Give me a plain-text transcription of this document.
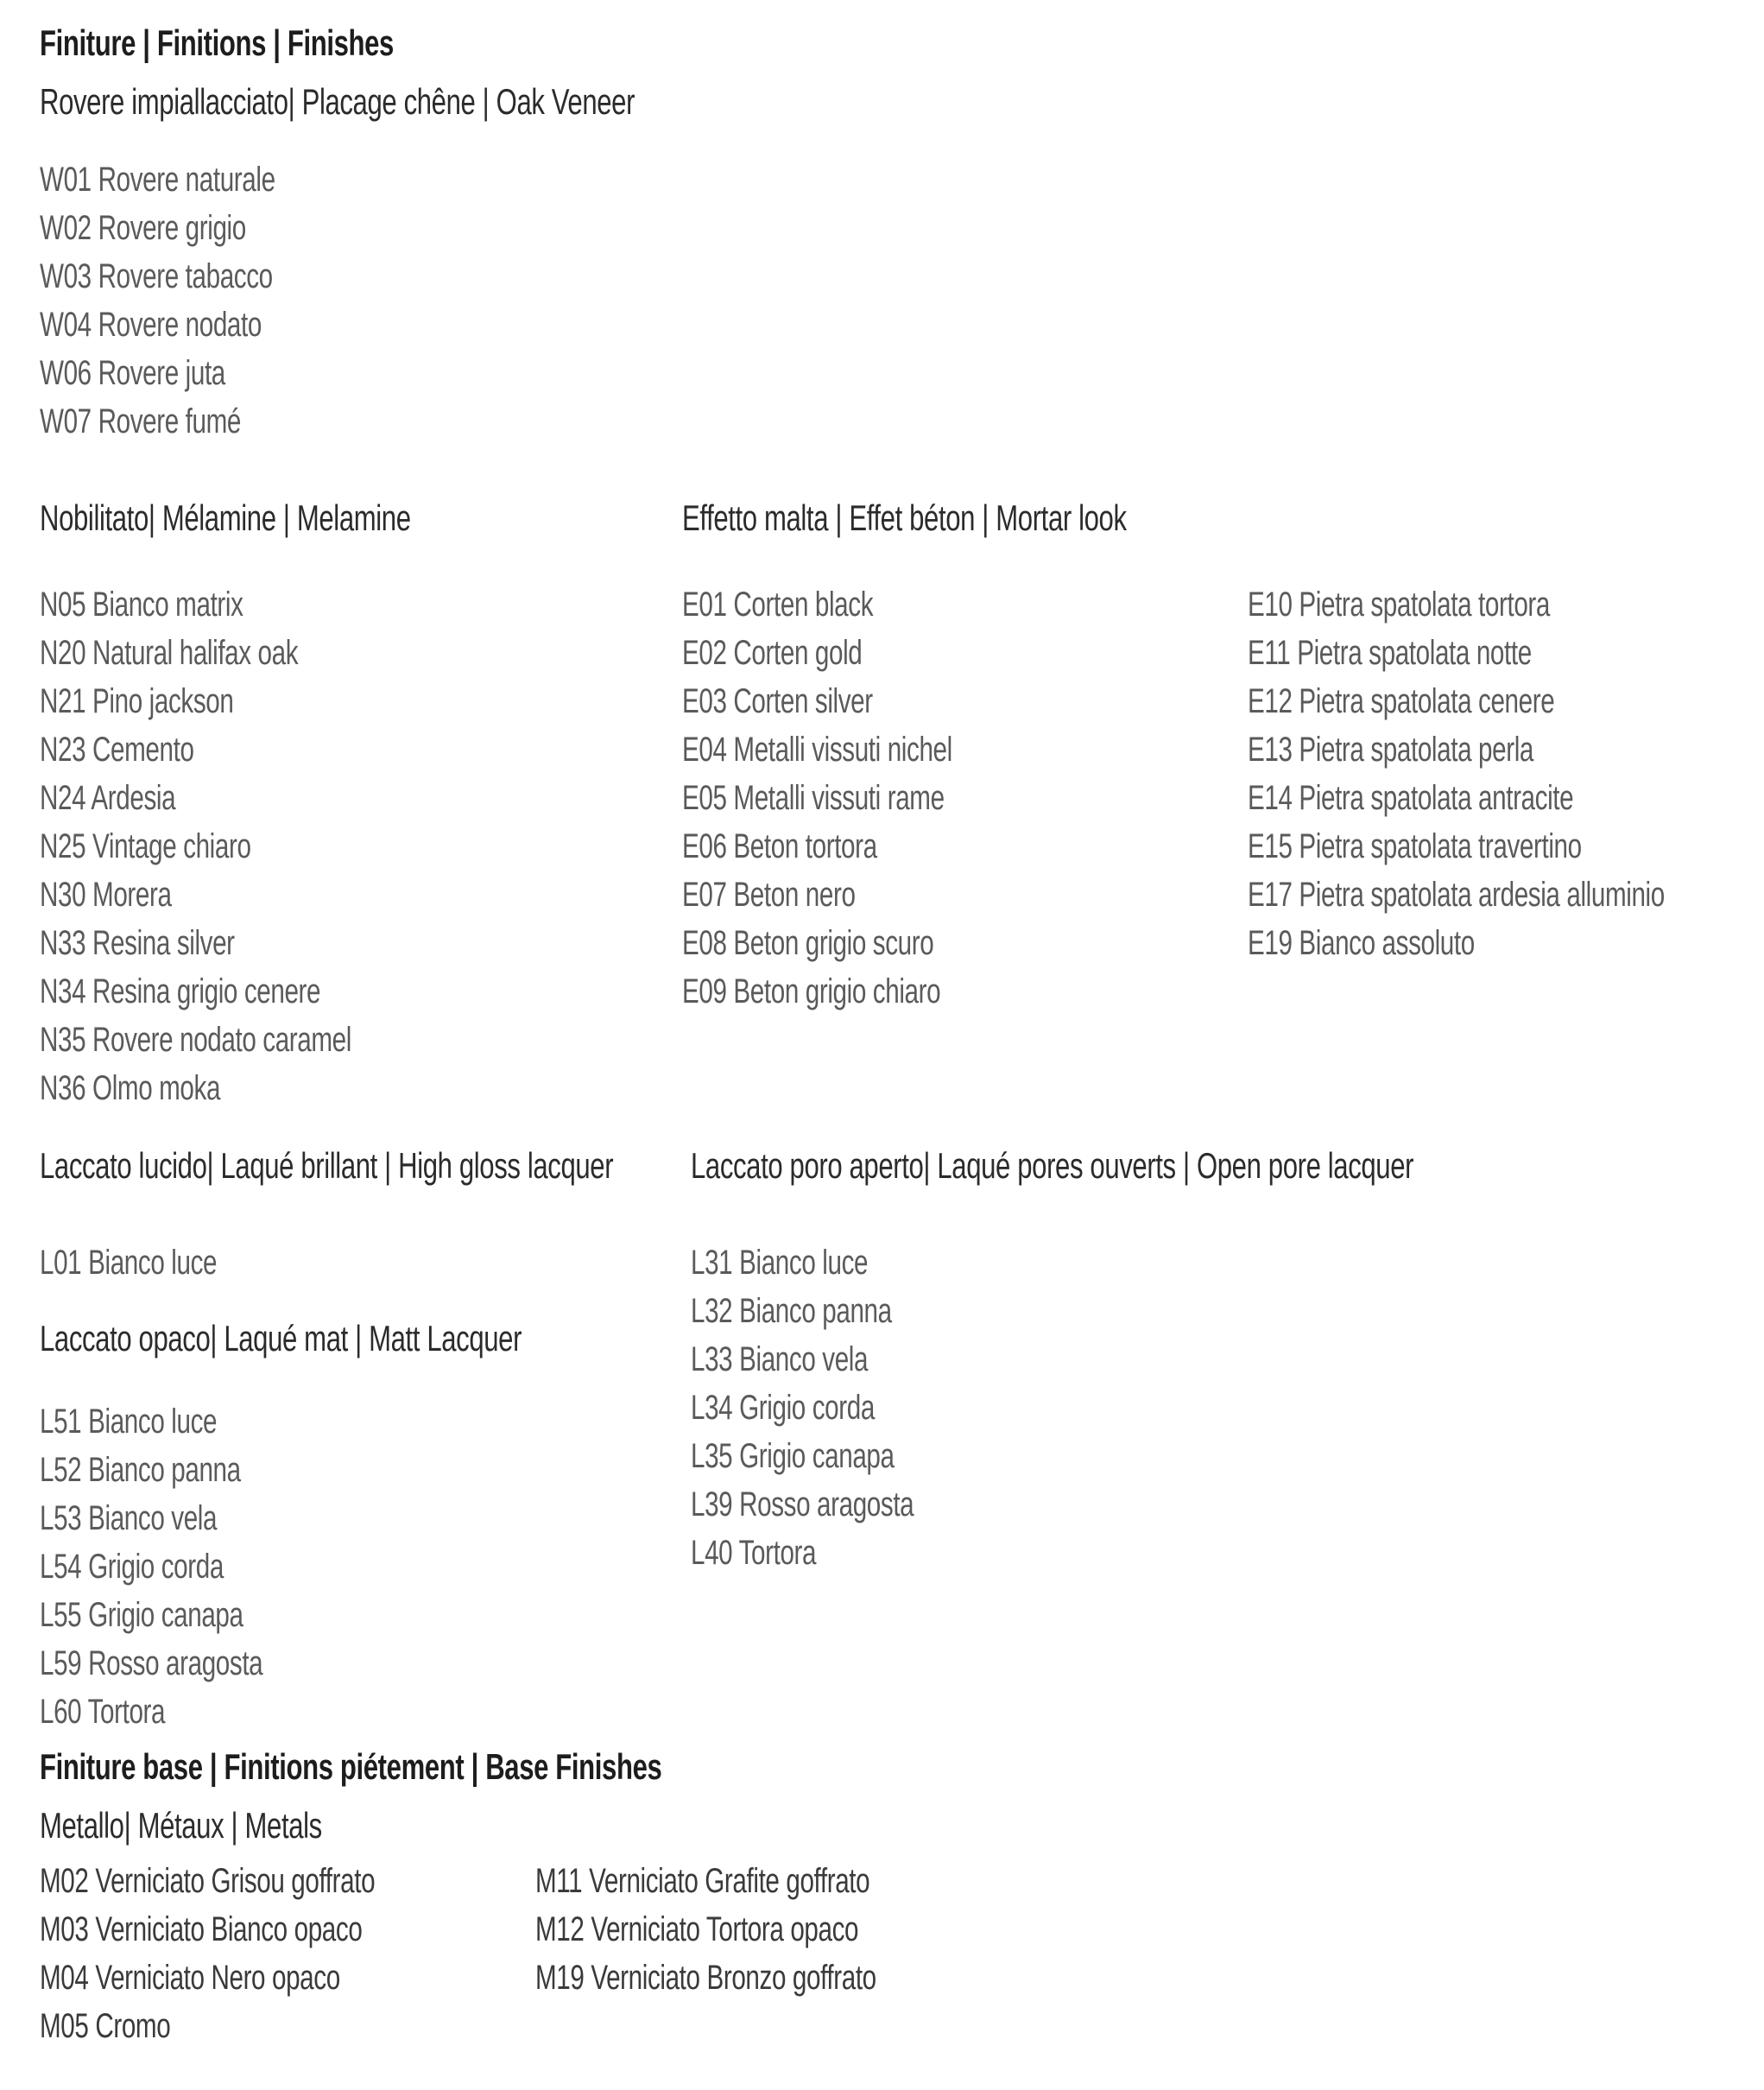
Finiture | Finitions | Finishes
Rovere impiallacciato| Placage chêne | Oak Veneer
W01 Rovere naturale
W02 Rovere grigio
W03 Rovere tabacco
W04 Rovere nodato
W06 Rovere juta
W07 Rovere fumé
Nobilitato| Mélamine | Melamine
N05 Bianco matrix
N20 Natural halifax oak
N21 Pino jackson
N23 Cemento
N24 Ardesia
N25 Vintage chiaro
N30 Morera
N33 Resina silver
N34 Resina grigio cenere
N35 Rovere nodato caramel
N36 Olmo moka
Effetto malta | Effet béton | Mortar look
E01 Corten black
E02 Corten gold
E03 Corten silver
E04 Metalli vissuti nichel
E05 Metalli vissuti rame
E06 Beton tortora
E07 Beton nero
E08 Beton grigio scuro
E09 Beton grigio chiaro
E10 Pietra spatolata tortora
E11 Pietra spatolata notte
E12 Pietra spatolata cenere
E13 Pietra spatolata perla
E14 Pietra spatolata antracite
E15 Pietra spatolata travertino
E17 Pietra spatolata ardesia alluminio
E19 Bianco assoluto
Laccato lucido| Laqué brillant | High gloss lacquer
L01 Bianco luce
Laccato opaco| Laqué mat | Matt Lacquer
L51 Bianco luce
L52 Bianco panna
L53 Bianco vela
L54 Grigio corda
L55 Grigio canapa
L59 Rosso aragosta
L60 Tortora
Laccato poro aperto| Laqué pores ouverts | Open pore lacquer
L31 Bianco luce
L32 Bianco panna
L33 Bianco vela
L34 Grigio corda
L35 Grigio canapa
L39 Rosso aragosta
L40 Tortora
Finiture base | Finitions piétement | Base Finishes
Metallo| Métaux | Metals
M02 Verniciato Grisou goffrato
M03 Verniciato Bianco opaco
M04 Verniciato Nero opaco
M05 Cromo
M11 Verniciato Grafite goffrato
M12 Verniciato Tortora opaco
M19 Verniciato Bronzo goffrato
